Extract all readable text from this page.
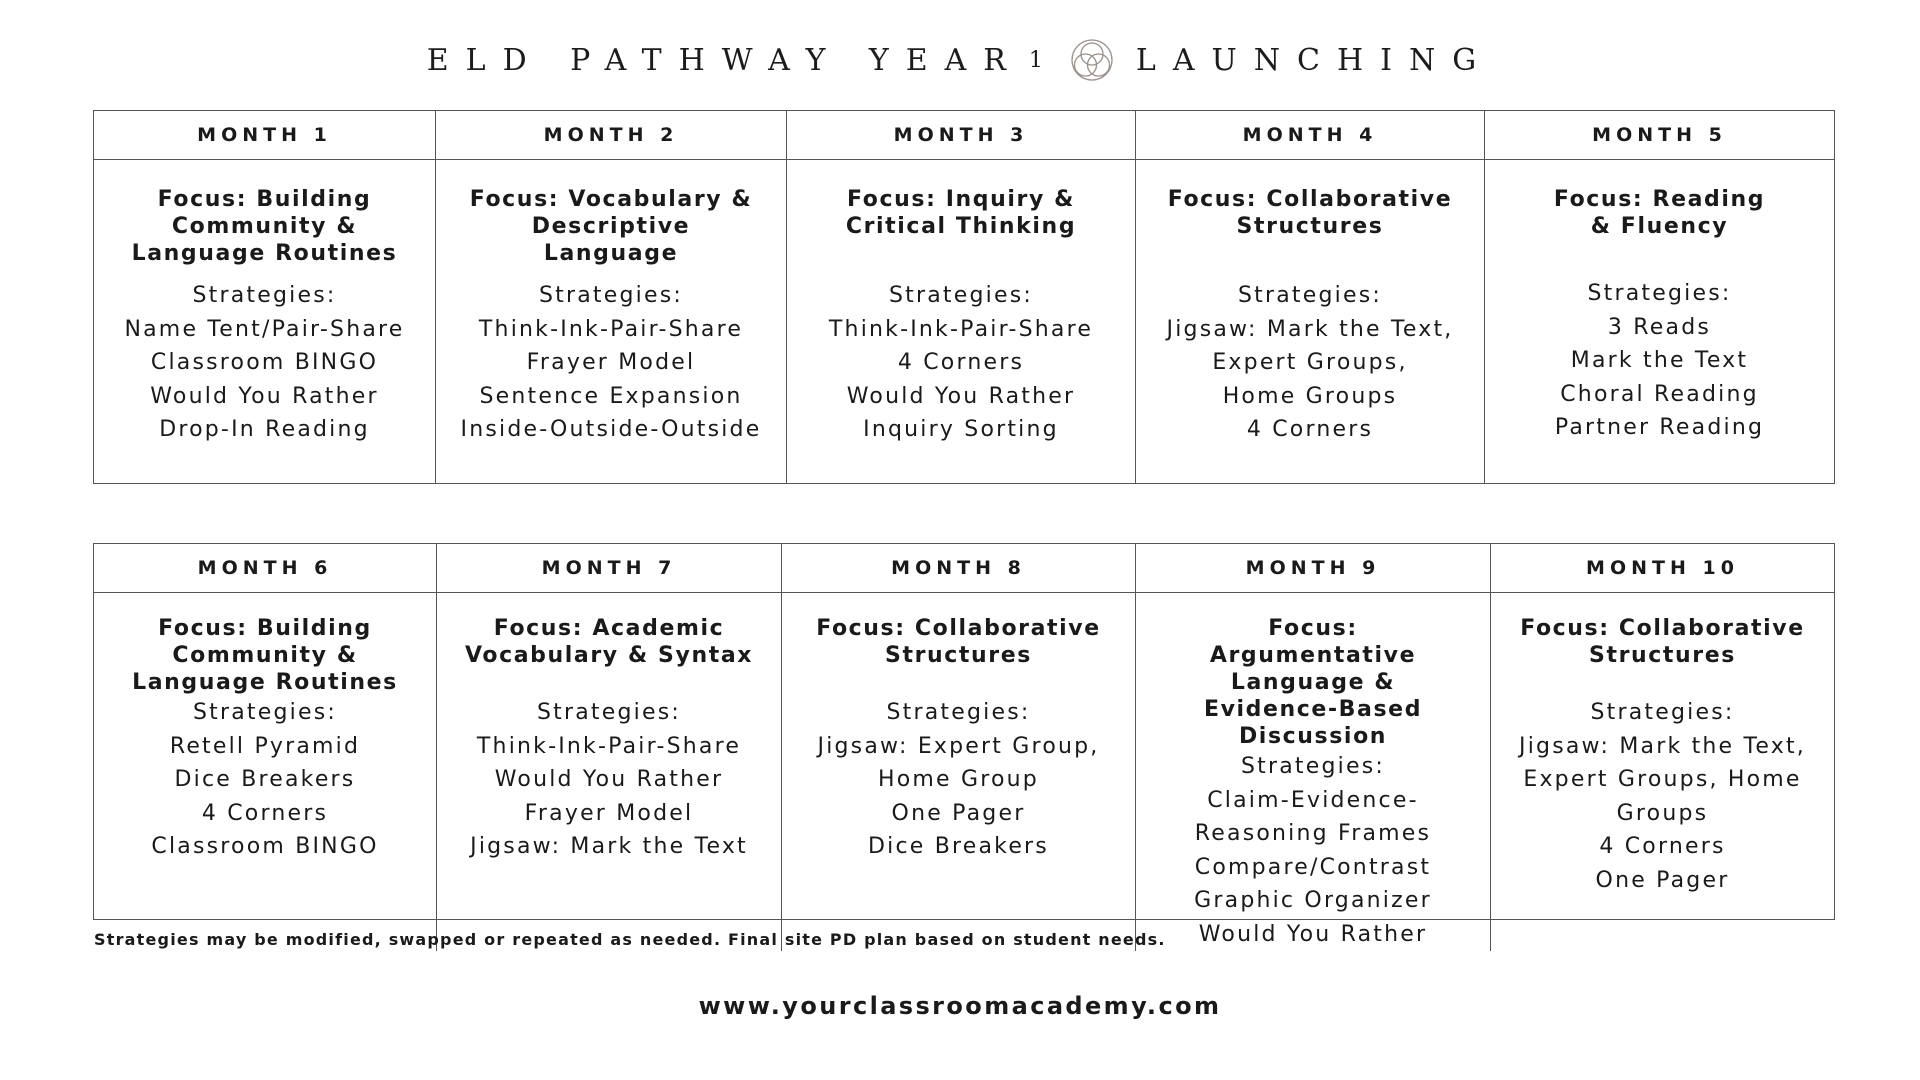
ELD PATHWAY YEAR 1	LAUNCHING
MONTH 1
Focus: Building Community & Language Routines
Strategies:
Name Tent/Pair-Share
Classroom BINGO
Would You Rather
Drop-In Reading
MONTH 2
Focus: Vocabulary & Descriptive Language
Strategies:
Think-Ink-Pair-Share
Frayer Model
Sentence Expansion
Inside-Outside-Outside
MONTH 3
Focus: Inquiry & Critical Thinking
Strategies:
Think-Ink-Pair-Share
4 Corners
Would You Rather
Inquiry Sorting
MONTH 4
Focus: Collaborative Structures
Strategies:
Jigsaw: Mark the Text,
Expert Groups,
Home Groups
4 Corners
MONTH 5
Focus: Reading & Fluency
Strategies:
3 Reads
Mark the Text
Choral Reading
Partner Reading
MONTH 6
Focus: Building Community & Language Routines
Strategies:
Retell Pyramid
Dice Breakers
4 Corners
Classroom BINGO
MONTH 7
Focus: Academic Vocabulary & Syntax
Strategies:
Think-Ink-Pair-Share
Would You Rather
Frayer Model
Jigsaw: Mark the Text
MONTH 8
Focus: Collaborative Structures
Strategies:
Jigsaw: Expert Group,
Home Group
One Pager
Dice Breakers
MONTH 9
Focus: Argumentative Language & Evidence-Based Discussion
Strategies:
Claim-Evidence-
Reasoning Frames
Compare/Contrast
Graphic Organizer
Would You Rather
MONTH 10
Focus: Collaborative Structures
Strategies:
Jigsaw: Mark the Text,
Expert Groups, Home
Groups
4 Corners
One Pager
Strategies may be modified, swapped or repeated as needed. Final site PD plan based on student needs.
www.yourclassroomacademy.com
